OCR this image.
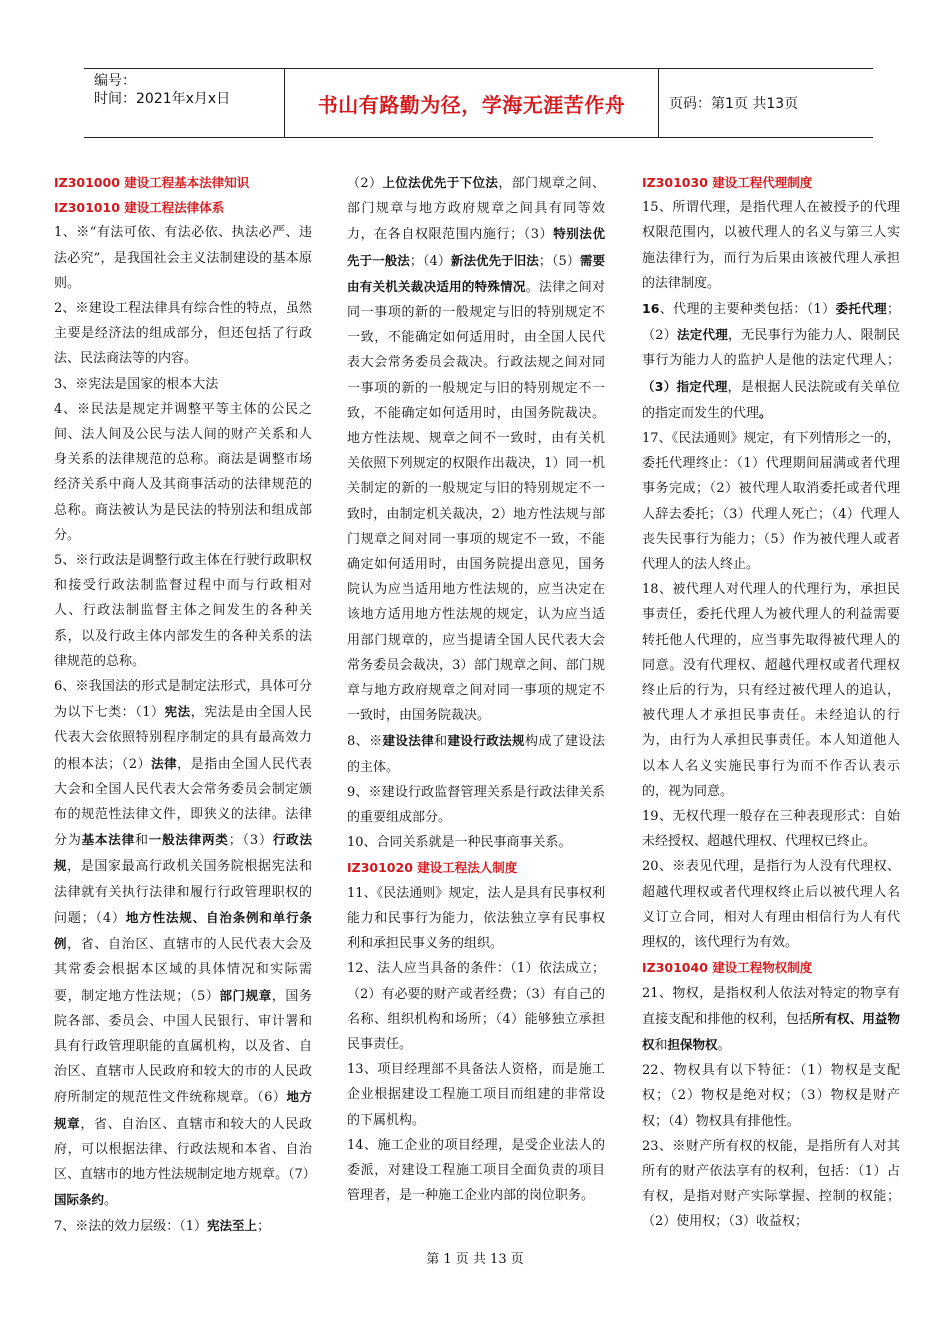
编号：
时间：2021年x月x日	书山有路勤为径，学海无涯苦作舟	页码：第1页 共13页

IZ301000 建设工程基本法律知识

IZ301010 建设工程法律体系

1、※“有法可依、有法必依、执法必严、违法必究”，是我国社会主义法制建设的基本原则。

2、※建设工程法律具有综合性的特点，虽然主要是经济法的组成部分，但还包括了行政法、民法商法等的内容。

3、※宪法是国家的根本大法

4、※民法是规定并调整平等主体的公民之间、法人间及公民与法人间的财产关系和人身关系的法律规范的总称。商法是调整市场经济关系中商人及其商事活动的法律规范的总称。商法被认为是民法的特别法和组成部分。

5、※行政法是调整行政主体在行驶行政职权和接受行政法制监督过程中而与行政相对人、行政法制监督主体之间发生的各种关系，以及行政主体内部发生的各种关系的法律规范的总称。

6、※我国法的形式是制定法形式，具体可分为以下七类：（1）宪法，宪法是由全国人民代表大会依照特别程序制定的具有最高效力的根本法；（2）法律，是指由全国人民代表大会和全国人民代表大会常务委员会制定颁布的规范性法律文件，即狭义的法律。法律分为基本法律和一般法律两类；（3）行政法规，是国家最高行政机关国务院根据宪法和法律就有关执行法律和履行行政管理职权的问题；（4）地方性法规、自治条例和单行条例，省、自治区、直辖市的人民代表大会及其常委会根据本区域的具体情况和实际需要，制定地方性法规；（5）部门规章，国务院各部、委员会、中国人民银行、审计署和具有行政管理职能的直属机构，以及省、自治区、直辖市人民政府和较大的市的人民政府所制定的规范性文件统称规章。（6）地方规章，省、自治区、直辖市和较大的人民政府，可以根据法律、行政法规和本省、自治区、直辖市的地方性法规制定地方规章。（7）国际条约。

7、※法的效力层级：（1）宪法至上；

（2）上位法优先于下位法，部门规章之间、部门规章与地方政府规章之间具有同等效力，在各自权限范围内施行；（3）特别法优先于一般法；（4）新法优先于旧法；（5）需要由有关机关裁决适用的特殊情况。法律之间对同一事项的新的一般规定与旧的特别规定不一致，不能确定如何适用时，由全国人民代表大会常务委员会裁决。行政法规之间对同一事项的新的一般规定与旧的特别规定不一致，不能确定如何适用时，由国务院裁决。地方性法规、规章之间不一致时，由有关机关依照下列规定的权限作出裁决，1）同一机关制定的新的一般规定与旧的特别规定不一致时，由制定机关裁决，2）地方性法规与部门规章之间对同一事项的规定不一致，不能确定如何适用时，由国务院提出意见，国务院认为应当适用地方性法规的，应当决定在该地方适用地方性法规的规定，认为应当适用部门规章的，应当提请全国人民代表大会常务委员会裁决，3）部门规章之间、部门规章与地方政府规章之间对同一事项的规定不一致时，由国务院裁决。

8、※建设法律和建设行政法规构成了建设法的主体。

9、※建设行政监督管理关系是行政法律关系的重要组成部分。

10、合同关系就是一种民事商事关系。

IZ301020 建设工程法人制度

11、《民法通则》规定，法人是具有民事权利能力和民事行为能力，依法独立享有民事权利和承担民事义务的组织。

12、法人应当具备的条件：（1）依法成立；（2）有必要的财产或者经费；（3）有自己的名称、组织机构和场所；（4）能够独立承担民事责任。

13、项目经理部不具备法人资格，而是施工企业根据建设工程施工项目而组建的非常设的下属机构。

14、施工企业的项目经理，是受企业法人的委派，对建设工程施工项目全面负责的项目管理者，是一种施工企业内部的岗位职务。

IZ301030 建设工程代理制度

15、所谓代理，是指代理人在被授予的代理权限范围内，以被代理人的名义与第三人实施法律行为，而行为后果由该被代理人承担的法律制度。

16、代理的主要种类包括：（1）委托代理；（2）法定代理，无民事行为能力人、限制民事行为能力人的监护人是他的法定代理人；（3）指定代理，是根据人民法院或有关单位的指定而发生的代理。

17、《民法通则》规定，有下列情形之一的，委托代理终止：（1）代理期间届满或者代理事务完成；（2）被代理人取消委托或者代理人辞去委托；（3）代理人死亡；（4）代理人丧失民事行为能力；（5）作为被代理人或者代理人的法人终止。

18、被代理人对代理人的代理行为，承担民事责任，委托代理人为被代理人的利益需要转托他人代理的，应当事先取得被代理人的同意。没有代理权、超越代理权或者代理权终止后的行为，只有经过被代理人的追认，被代理人才承担民事责任。未经追认的行为，由行为人承担民事责任。本人知道他人以本人名义实施民事行为而不作否认表示的，视为同意。

19、无权代理一般存在三种表现形式：自始未经授权、超越代理权、代理权已终止。

20、※表见代理，是指行为人没有代理权、超越代理权或者代理权终止后以被代理人名义订立合同，相对人有理由相信行为人有代理权的，该代理行为有效。

IZ301040 建设工程物权制度

21、物权，是指权利人依法对特定的物享有直接支配和排他的权利，包括所有权、用益物权和担保物权。

22、物权具有以下特征：（1）物权是支配权；（2）物权是绝对权；（3）物权是财产权；（4）物权具有排他性。

23、※财产所有权的权能，是指所有人对其所有的财产依法享有的权利，包括：（1）占有权，是指对财产实际掌握、控制的权能；（2）使用权；（3）收益权；

第 1 页 共 13 页
